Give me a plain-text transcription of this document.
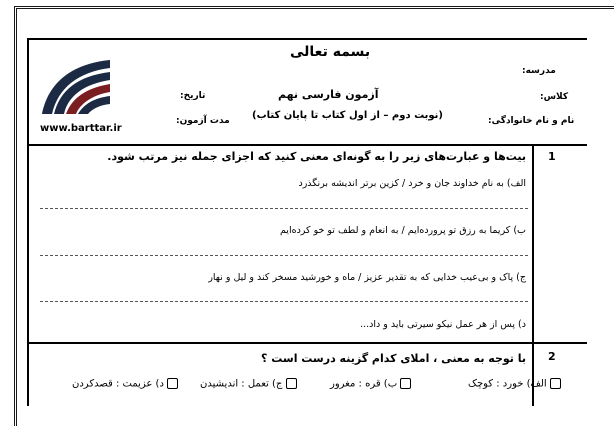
www.barttar.ir
بسمه تعالی
مدرسه:
کلاس:
نام و نام خانوادگی:
آزمون فارسی نهم
(نوبت دوم – از اول کتاب تا پایان کتاب)
تاریخ:
مدت آزمون:
1
بیت‌ها و عبارت‌های زیر را به گونه‌ای معنی کنید که اجزای جمله نیز مرتب شود.
الف) به نام خداوند جان و خرد / کزین برتر اندیشه برنگذرد
ب) کریما به رزق تو پرورده‌ایم / به انعام و لطف تو خو کرده‌ایم
ج) پاک و بی‌عیب خدایی که به تقدیر عزیز / ماه و خورشید مسخر کند و لیل و نهار
د) پس از هر عمل نیکو سیرتی باید و داد...
2
با توجه به معنی ، املای کدام گزینه درست است ؟
الف) خورد : کوچک
ب) قره : مغرور
ج) تعمل : اندیشیدن
د) عزیمت : قصدکردن
